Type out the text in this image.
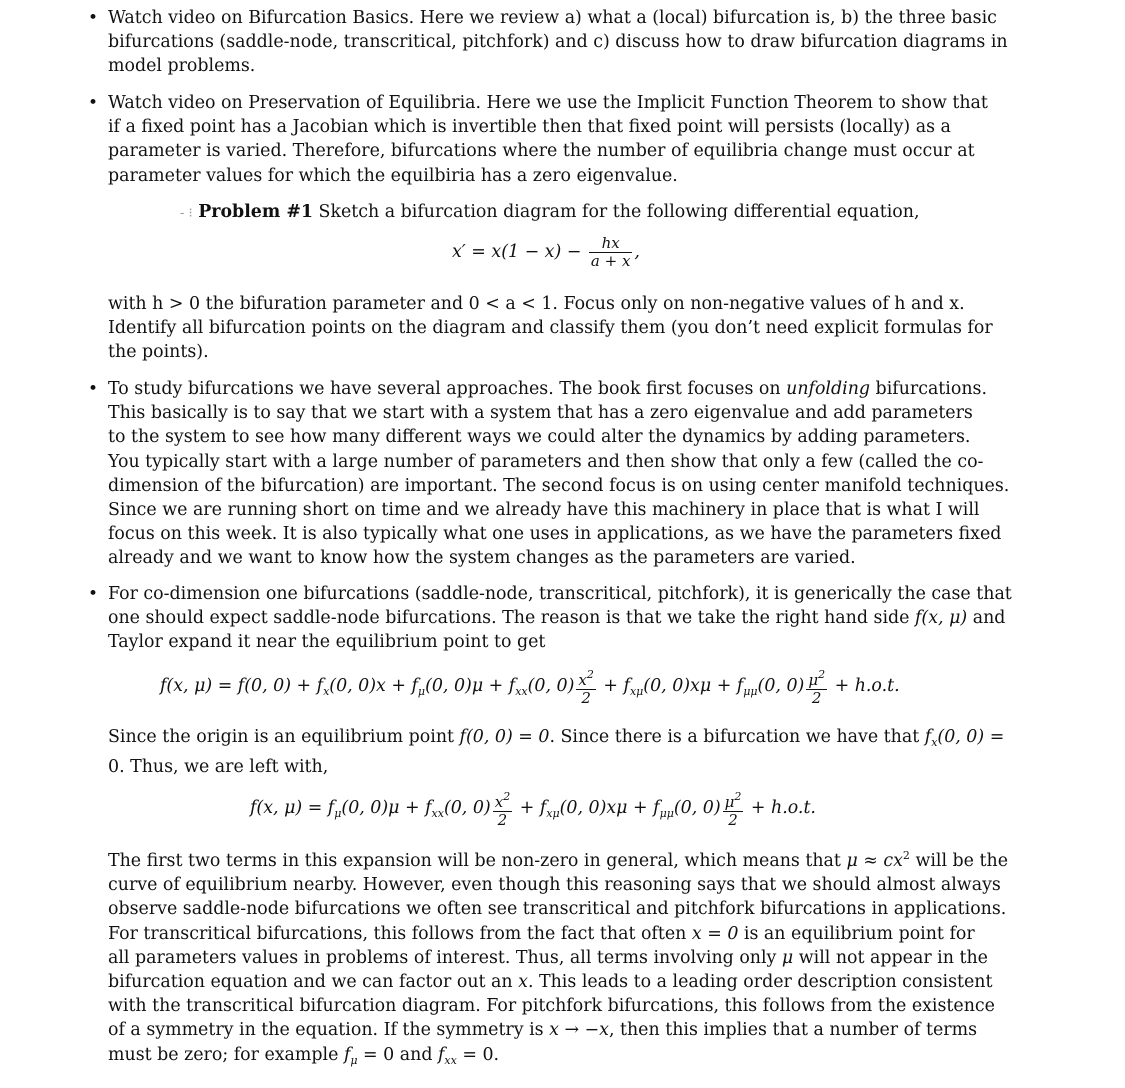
• Watch video on Bifurcation Basics. Here we review a) what a (local) bifurcation is, b) the three basic
bifurcations (saddle-node, transcritical, pitchfork) and c) discuss how to draw bifurcation diagrams in
model problems.
• Watch video on Preservation of Equilibria. Here we use the Implicit Function Theorem to show that
if a fixed point has a Jacobian which is invertible then that fixed point will persists (locally) as a
parameter is varied. Therefore, bifurcations where the number of equilibria change must occur at
parameter values for which the equilbiria has a zero eigenvalue.
‐ ⁝ Problem #1 Sketch a bifurcation diagram for the following differential equation,
$x' = x(1 - x) - \frac{hx}{a + x}$ ,
with h > 0 the bifuration parameter and 0 < a < 1. Focus only on non-negative values of h and x.
Identify all bifurcation points on the diagram and classify them (you don’t need explicit formulas for
the points).
• To study bifurcations we have several approaches. The book first focuses on unfolding bifurcations.
This basically is to say that we start with a system that has a zero eigenvalue and add parameters
to the system to see how many different ways we could alter the dynamics by adding parameters.
You typically start with a large number of parameters and then show that only a few (called the co-
dimension of the bifurcation) are important. The second focus is on using center manifold techniques.
Since we are running short on time and we already have this machinery in place that is what I will
focus on this week. It is also typically what one uses in applications, as we have the parameters fixed
already and we want to know how the system changes as the parameters are varied.
• For co-dimension one bifurcations (saddle-node, transcritical, pitchfork), it is generically the case that
one should expect saddle-node bifurcations. The reason is that we take the right hand side f(x, μ) and
Taylor expand it near the equilibrium point to get
f(x, μ) = f(0, $0) + f_x(0$, $0)x + f_\mu(0$, $0)\mu + f_{xx}(0$, $0) \frac{x^2}{2} + f_{x\mu}(0$, $0)x\mu + f_{\mu\mu}(0$, $0) \frac{\mu^2}{2} + h.o.t$.
Since the origin is an equilibrium point f(0, 0) = 0. Since there is a bifurcation we have that $f_x(0$, 0) =
0. Thus, we are left with,
f(x, $\mu) = f_\mu(0$, $0)\mu + f_{xx}(0$, $0) \frac{x^2}{2} + f_{x\mu}(0$, $0)x\mu + f_{\mu\mu}(0$, $0) \frac{\mu^2}{2} + h.o.t$.
The first two terms in this expansion will be non-zero in general, which means that $\mu \approx cx^2$ will be the
curve of equilibrium nearby. However, even though this reasoning says that we should almost always
observe saddle-node bifurcations we often see transcritical and pitchfork bifurcations in applications.
For transcritical bifurcations, this follows from the fact that often x = 0 is an equilibrium point for
all parameters values in problems of interest. Thus, all terms involving only μ will not appear in the
bifurcation equation and we can factor out an x. This leads to a leading order description consistent
with the transcritical bifurcation diagram. For pitchfork bifurcations, this follows from the existence
of a symmetry in the equation. If the symmetry is x → −x, then this implies that a number of terms
must be zero; for example $f_\mu = 0$ and $f_{xx} = 0$.
